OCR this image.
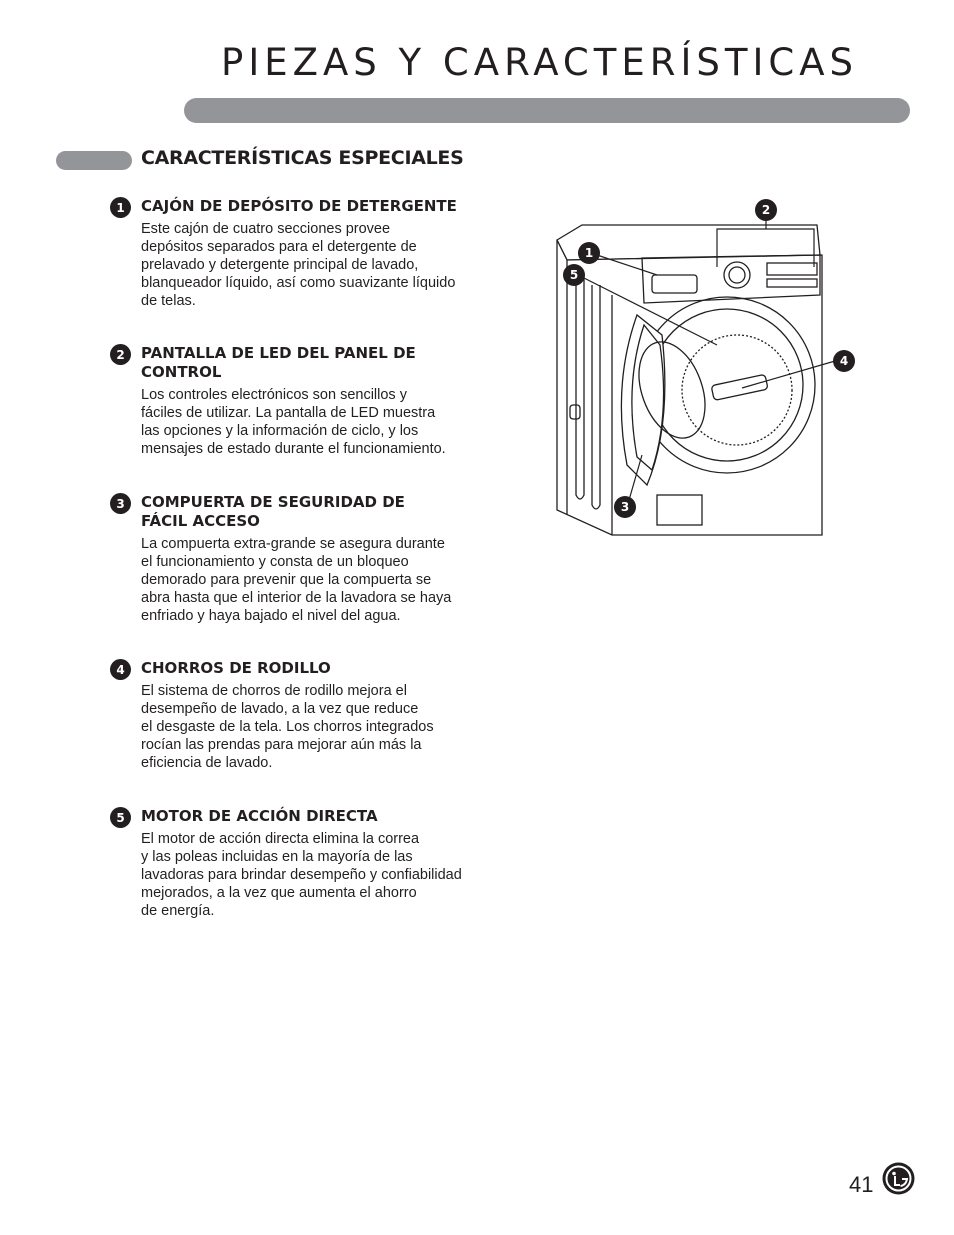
PIEZAS Y CARACTERÍSTICAS
CARACTERÍSTICAS ESPECIALES
1	CAJÓN DE DEPÓSITO DE DETERGENTE

Este cajón de cuatro secciones provee
depósitos separados para el detergente de
prelavado y detergente principal de lavado,
blanqueador líquido, así como suavizante líquido
de telas.

2	PANTALLA DE LED DEL PANEL DE
CONTROL

Los controles electrónicos son sencillos y
fáciles de utilizar. La pantalla de LED muestra
las opciones y la información de ciclo, y los
mensajes de estado durante el funcionamiento.

3	COMPUERTA DE SEGURIDAD DE
FÁCIL ACCESO

La compuerta extra-grande se asegura durante
el funcionamiento y consta de un bloqueo
demorado para prevenir que la compuerta se
abra hasta que el interior de la lavadora se haya
enfriado y haya bajado el nivel del agua.

4	CHORROS DE RODILLO

El sistema de chorros de rodillo mejora el
desempeño de lavado, a la vez que reduce
el desgaste de la tela. Los chorros integrados
rocían las prendas para mejorar aún más la
eficiencia de lavado.

5	MOTOR DE ACCIÓN DIRECTA

El motor de acción directa elimina la correa
y las poleas incluidas en la mayoría de las
lavadoras para brindar desempeño y confiabilidad
mejorados, a la vez que aumenta el ahorro
de energía.

1
2
3
4
5
41
